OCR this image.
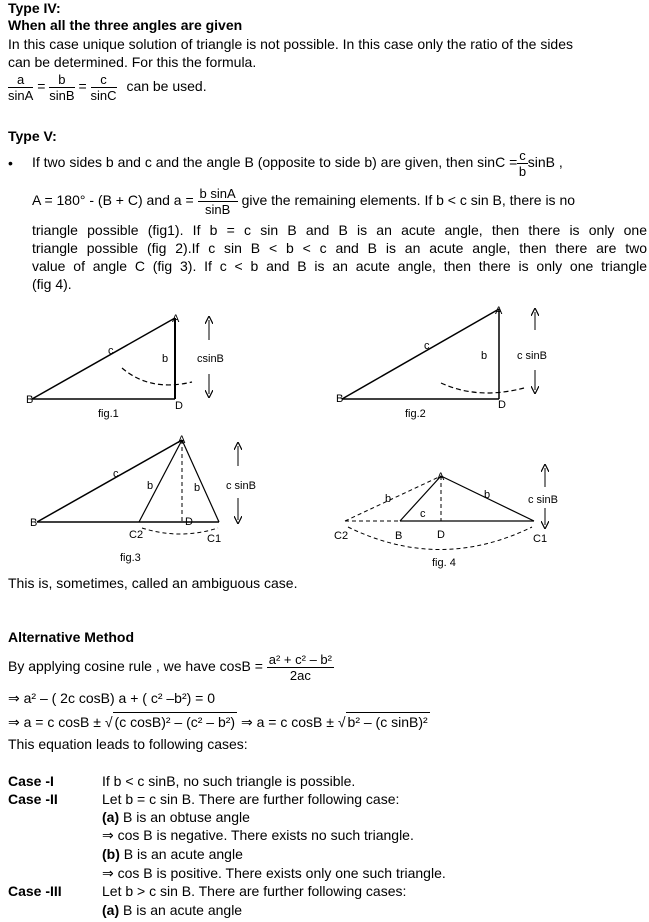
Type IV:
When all the three angles are given
In this case unique solution of triangle is not possible. In this case only the ratio of the sides
can be determined. For this the formula.
$\frac{a}{\sin A} = \frac{b}{\sin B} = \frac{c}{\sin C}$ can be used.
Type V:
• If two sides b and c and the angle B (opposite to side b) are given, then $\sin C = \frac{c}{b}$ sinB ,
A = 180° - (B + C) and $a = \frac{\text{b sinA}}{\sin B}$ give the remaining elements. If b < c sin B, there is no
triangle possible (fig1). If b = c sin B and B is an acute angle, then there is only one
triangle possible (fig 2).If c sin B < b < c and B is an acute angle, then there are two
value of angle C (fig 3). If c < b and B is an acute angle, then there is only one triangle
(fig 4).
A
B	D
c
b	csinB
fig.1
A
B	D
c
b	c sinB
fig.2
A
B	D
c
b	b c sinB
C2	C1
fig.3
A
B	D
c
b	b	c sinB
C2	C1
fig. 4
This is, sometimes, called an ambiguous case.
Alternative Method
By applying cosine rule , we have $\cos B = \frac{\text{a² + c² – b²}}{2ac}$
⇒ a² – ( 2c cosB) a + ( c² –b²) = 0
⇒ a = c cosB ± √ (c cosB)² – (c² – b²) ⇒ a = c cosB ± √ b² – (c sinB)²
This equation leads to following cases:
Case -I	If b < c sinB, no such triangle is possible.
Case -II	Let b = c sin B. There are further following case:
(a) B is an obtuse angle
⇒ cos B is negative. There exists no such triangle.
(b) B is an acute angle
⇒ cos B is positive. There exists only one such triangle.
Case -III	Let b > c sin B. There are further following cases:
(a) B is an acute angle
